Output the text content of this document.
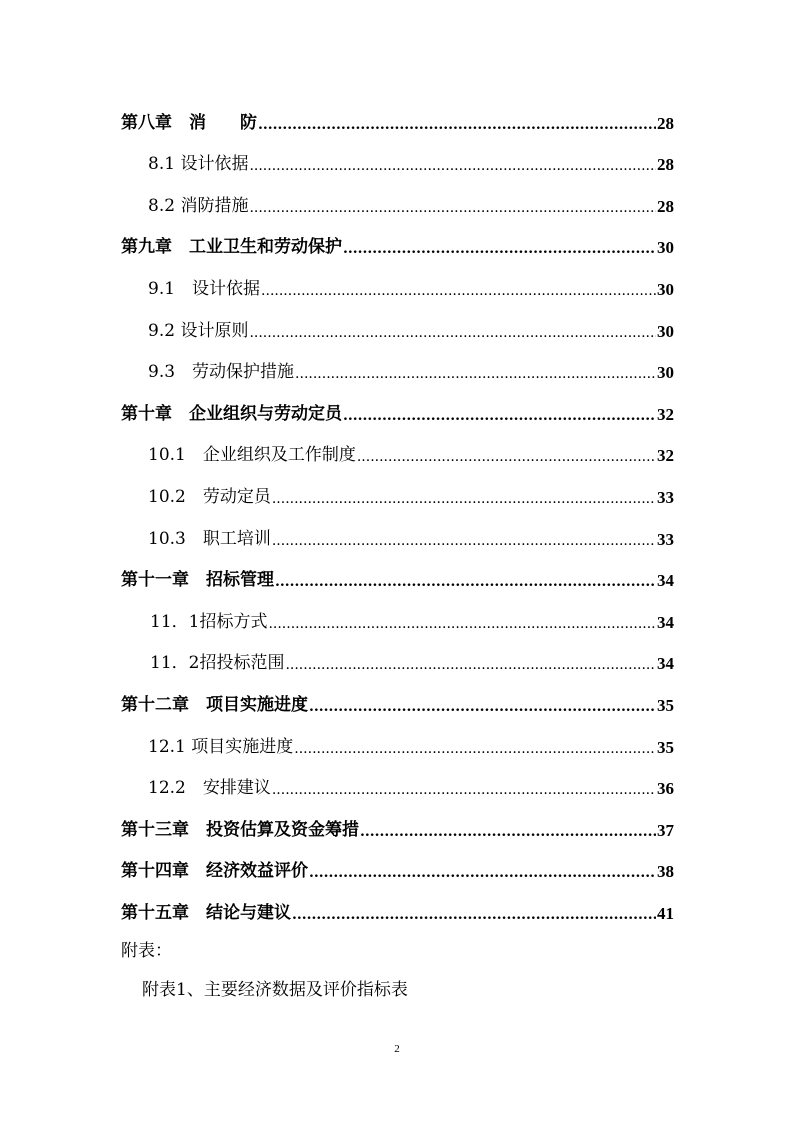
第八章　消　　防 .....	28
8.1 设计依据 .....	28
8.2 消防措施 .....	28
第九章　工业卫生和劳动保护 .....	30
9.1　设计依据 .....	30
9.2 设计原则 .....	30
9.3　劳动保护措施 .....	30
第十章　企业组织与劳动定员 .....	32
10.1　企业组织及工作制度 .....	32
10.2　劳动定员 .....	33
10.3　职工培训 .....	33
第十一章　招标管理 .....	34
11．1招标方式 .....	34
11．2招投标范围 .....	34
第十二章　项目实施进度 .....	35
12.1 项目实施进度 .....	35
12.2　安排建议 .....	36
第十三章　投资估算及资金筹措 .....	37
第十四章　经济效益评价 .....	38
第十五章　结论与建议 .....	41
附表：
附表1、主要经济数据及评价指标表
2
